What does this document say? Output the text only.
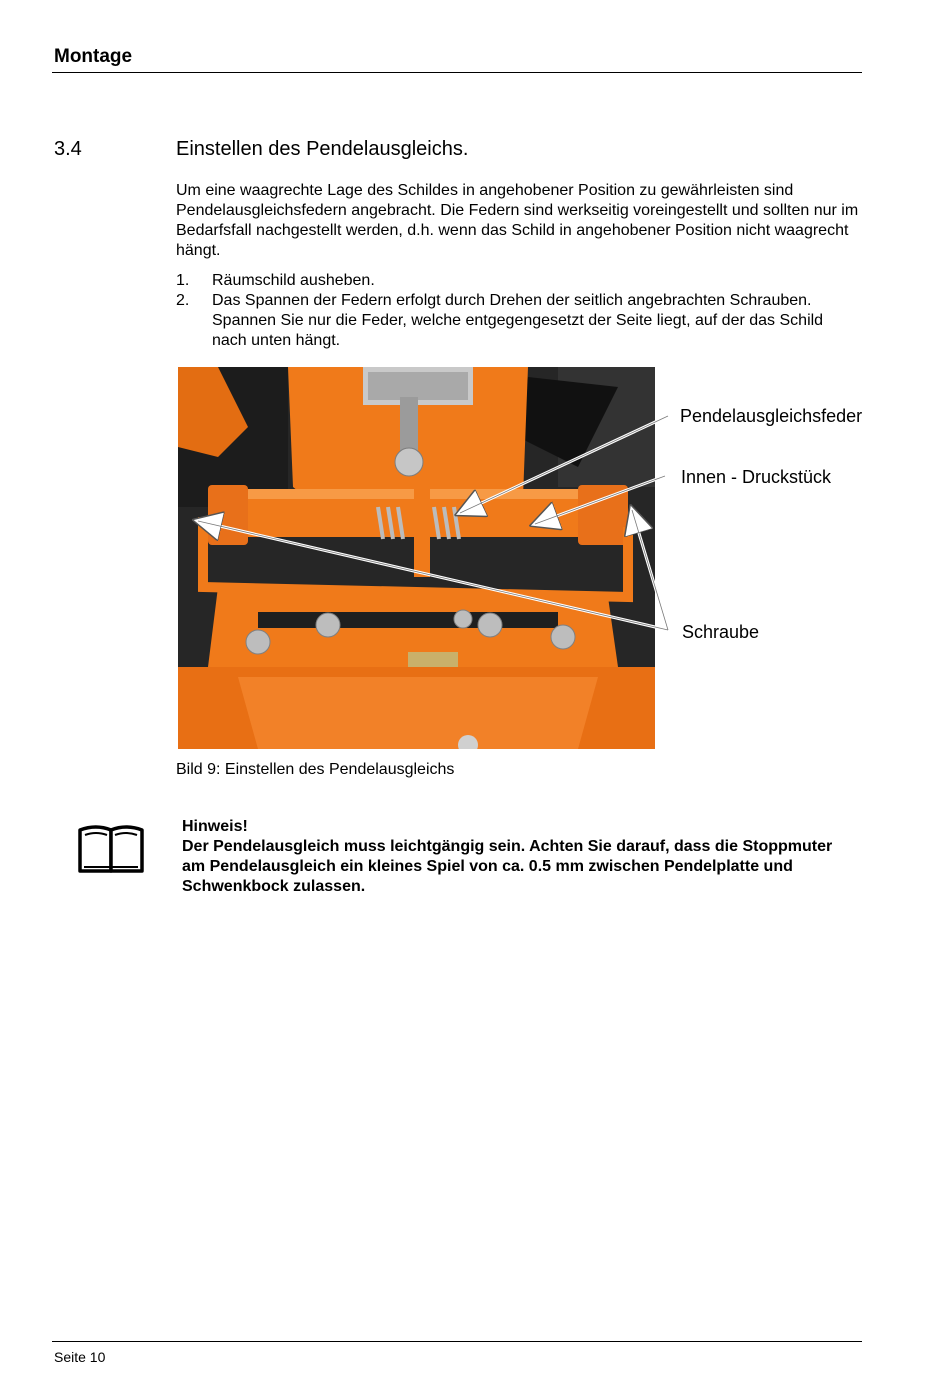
Montage
3.4	Einstellen des Pendelausgleichs.
Um eine waagrechte Lage des Schildes in angehobener Position zu gewährleisten sind Pendelausgleichsfedern angebracht. Die Federn sind werkseitig voreingestellt und sollten nur im Bedarfsfall nachgestellt werden, d.h. wenn das Schild in angehobener Position nicht waagrecht hängt.
1. Räumschild ausheben.
2. Das Spannen der Federn erfolgt durch Drehen der seitlich angebrachten Schrauben. Spannen Sie nur die Feder, welche entgegengesetzt der Seite liegt, auf der das Schild nach unten hängt.
Pendelausgleichsfeder
Innen - Druckstück
Schraube
Bild 9: Einstellen des Pendelausgleichs
Hinweis!
Der Pendelausgleich muss leichtgängig sein. Achten Sie darauf, dass die Stoppmuter am Pendelausgleich ein kleines Spiel von ca. 0.5 mm zwischen Pendelplatte und Schwenkbock zulassen.
Seite 10
